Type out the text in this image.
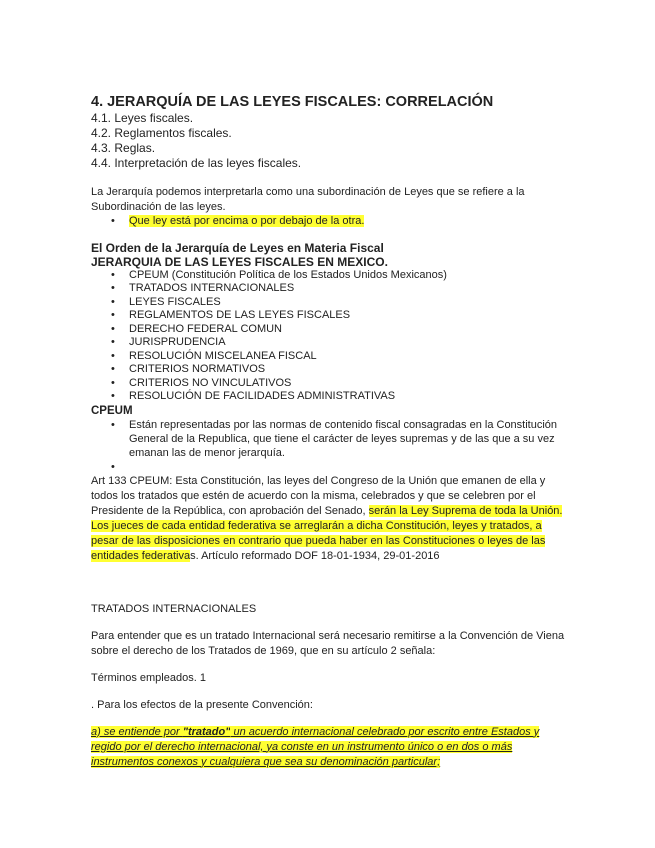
4. JERARQUÍA DE LAS LEYES FISCALES: CORRELACIÓN
4.1. Leyes fiscales.
4.2. Reglamentos fiscales.
4.3. Reglas.
4.4. Interpretación de las leyes fiscales.

La Jerarquía podemos interpretarla como una subordinación de Leyes que se refiere a la Subordinación de las leyes.

• Que ley está por encima o por debajo de la otra.
El Orden de la Jerarquía de Leyes en Materia Fiscal
JERARQUIA DE LAS LEYES FISCALES EN MEXICO.
• CPEUM (Constitución Política de los Estados Unidos Mexicanos)
• TRATADOS INTERNACIONALES
• LEYES FISCALES
• REGLAMENTOS DE LAS LEYES FISCALES
• DERECHO FEDERAL COMUN
• JURISPRUDENCIA
• RESOLUCIÓN MISCELANEA FISCAL
• CRITERIOS NORMATIVOS
• CRITERIOS NO VINCULATIVOS
• RESOLUCIÓN DE FACILIDADES ADMINISTRATIVAS
CPEUM
• Están representadas por las normas de contenido fiscal consagradas en la Constitución General de la Republica, que tiene el carácter de leyes supremas y de las que a su vez emanan las de menor jerarquía.
•

Art 133 CPEUM: Esta Constitución, las leyes del Congreso de la Unión que emanen de ella y todos los tratados que estén de acuerdo con la misma, celebrados y que se celebren por el Presidente de la República, con aprobación del Senado, serán la Ley Suprema de toda la Unión. Los jueces de cada entidad federativa se arreglarán a dicha Constitución, leyes y tratados, a pesar de las disposiciones en contrario que pueda haber en las Constituciones o leyes de las entidades federativas. Artículo reformado DOF 18-01-1934, 29-01-2016

TRATADOS INTERNACIONALES

Para entender que es un tratado Internacional será necesario remitirse a la Convención de Viena sobre el derecho de los Tratados de 1969, que en su artículo 2 señala:

Términos empleados. 1

. Para los efectos de la presente Convención:

a) se entiende por "tratado" un acuerdo internacional celebrado por escrito entre Estados y regido por el derecho internacional, ya conste en un instrumento único o en dos o más instrumentos conexos y cualquiera que sea su denominación particular;
